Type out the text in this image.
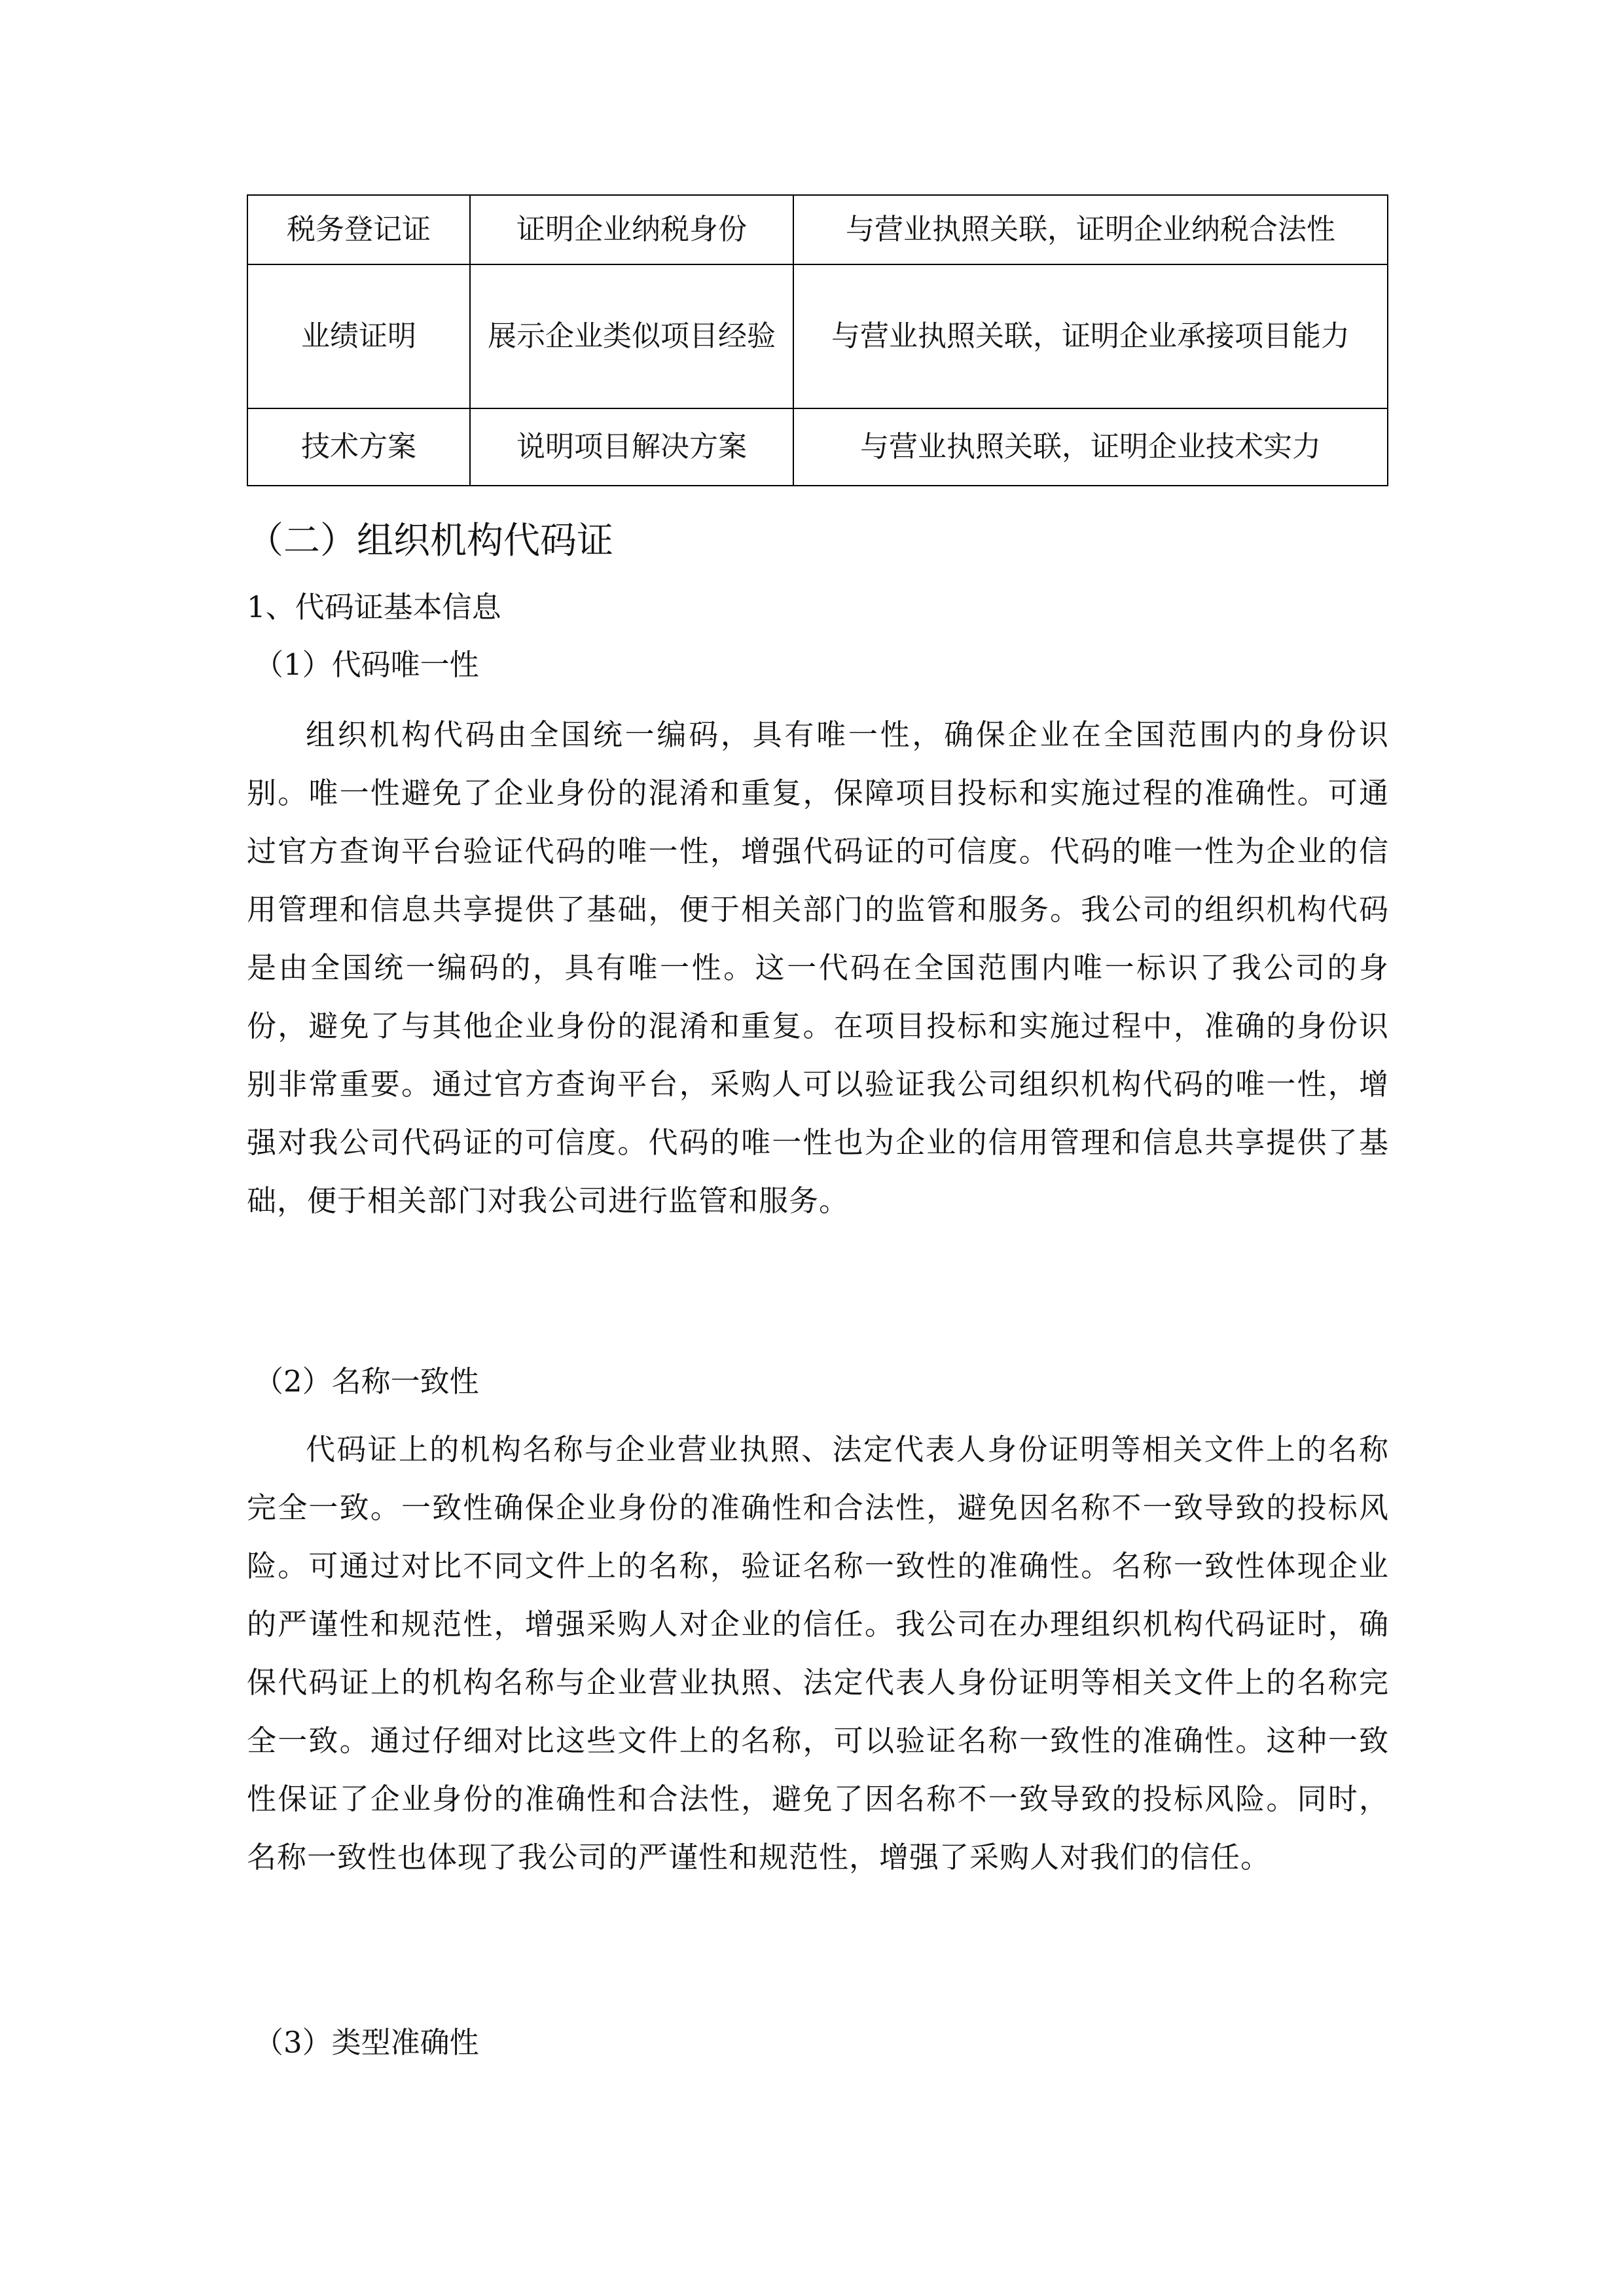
税务登记证	证明企业纳税身份	与营业执照关联，证明企业纳税合法性
业绩证明	展示企业类似项目经验	与营业执照关联，证明企业承接项目能力
技术方案	说明项目解决方案	与营业执照关联，证明企业技术实力
（二）组织机构代码证
1、代码证基本信息
（1）代码唯一性

组织机构代码由全国统一编码，具有唯一性，确保企业在全国范围内的身份识别。唯一性避免了企业身份的混淆和重复，保障项目投标和实施过程的准确性。可通过官方查询平台验证代码的唯一性，增强代码证的可信度。代码的唯一性为企业的信用管理和信息共享提供了基础，便于相关部门的监管和服务。我公司的组织机构代码是由全国统一编码的，具有唯一性。这一代码在全国范围内唯一标识了我公司的身份，避免了与其他企业身份的混淆和重复。在项目投标和实施过程中，准确的身份识别非常重要。通过官方查询平台，采购人可以验证我公司组织机构代码的唯一性，增强对我公司代码证的可信度。代码的唯一性也为企业的信用管理和信息共享提供了基础，便于相关部门对我公司进行监管和服务。

（2）名称一致性

代码证上的机构名称与企业营业执照、法定代表人身份证明等相关文件上的名称完全一致。一致性确保企业身份的准确性和合法性，避免因名称不一致导致的投标风险。可通过对比不同文件上的名称，验证名称一致性的准确性。名称一致性体现企业的严谨性和规范性，增强采购人对企业的信任。我公司在办理组织机构代码证时，确保代码证上的机构名称与企业营业执照、法定代表人身份证明等相关文件上的名称完全一致。通过仔细对比这些文件上的名称，可以验证名称一致性的准确性。这种一致性保证了企业身份的准确性和合法性，避免了因名称不一致导致的投标风险。同时，名称一致性也体现了我公司的严谨性和规范性，增强了采购人对我们的信任。

（3）类型准确性
